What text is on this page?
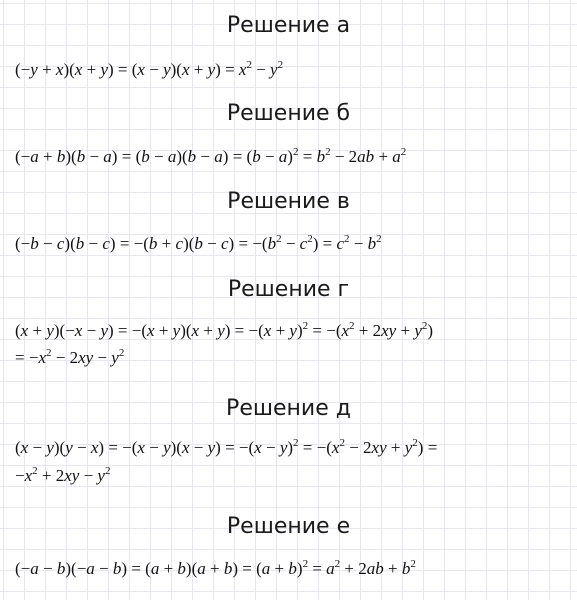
Решение а
$(-y + x)(x + y) = (x - y)(x + y) = x^2 - y^2$
Решение б
$(-a + b)(b - a) = (b - a)(b - a) = (b - a)^2 = b^2 - 2ab + a^2$
Решение в
$(-b - c)(b - c) = -(b + c)(b - c) = -(b^2 - c^2) = c^2 - b^2$
Решение г
$(x + y)(-x - y) = -(x + y)(x + y) = -(x + y)^2 = -(x^2 + 2xy + y^2)$
= $-x^2 - 2xy - y^2$
Решение д
$(x - y)(y - x) = -(x - y)(x - y) = -(x - y)^2 = -(x^2 - 2xy + y^2)$ =
$-x^2 + 2xy - y^2$
Решение е
$(-a - b)(-a - b) = (a + b)(a + b) = (a + b)^2 = a^2 + 2ab + b^2$
